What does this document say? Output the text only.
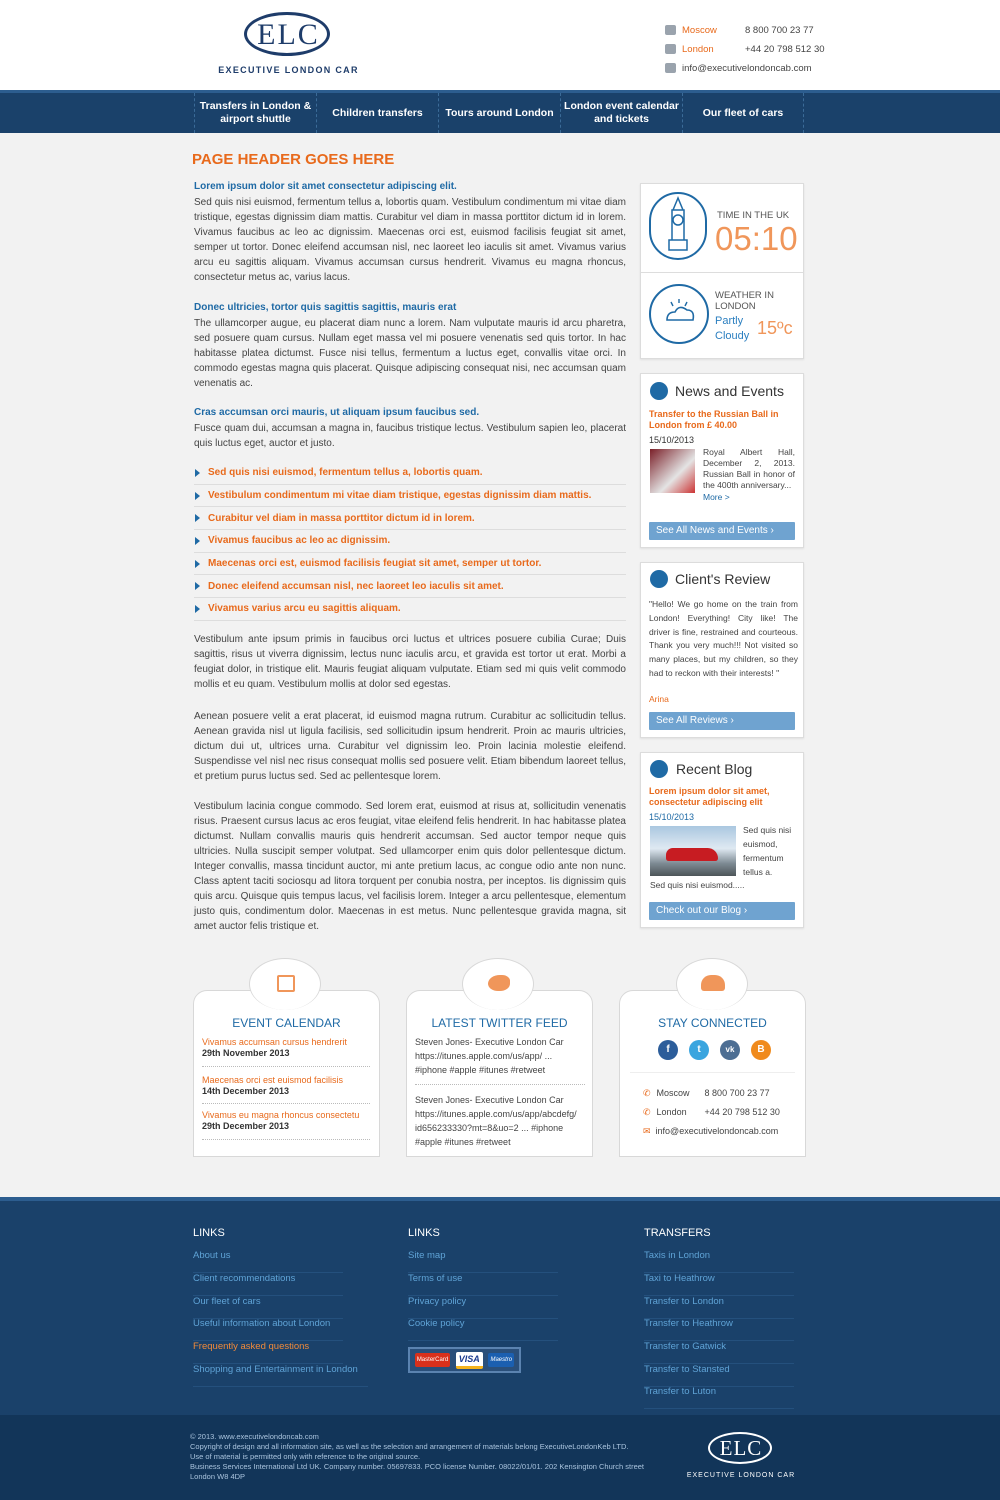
ELC
EXECUTIVE LONDON CAR
Moscow	8 800 700 23 77
London	+44 20 798 512 30
info@executivelondoncab.com
Transfers in London & airport shuttle
Children transfers	Tours around London
London event calendar and tickets
Our fleet of cars
PAGE HEADER GOES HERE
Lorem ipsum dolor sit amet consectetur adipiscing elit.
Sed quis nisi euismod, fermentum tellus a, lobortis quam. Vestibulum condimentum mi vitae diam tristique, egestas dignissim diam mattis. Curabitur vel diam in massa porttitor dictum id in lorem. Vivamus faucibus ac leo ac dignissim. Maecenas orci est, euismod facilisis feugiat sit amet, semper ut tortor. Donec eleifend accumsan nisl, nec laoreet leo iaculis sit amet. Vivamus varius arcu eu sagittis aliquam. Vivamus accumsan cursus hendrerit. Vivamus eu magna rhoncus, consectetur metus ac, varius lacus.
Donec ultricies, tortor quis sagittis sagittis, mauris erat
The ullamcorper augue, eu placerat diam nunc a lorem. Nam vulputate mauris id arcu pharetra, sed posuere quam cursus. Nullam eget massa vel mi posuere venenatis sed quis tortor. In hac habitasse platea dictumst. Fusce nisi tellus, fermentum a luctus eget, convallis vitae orci. In commodo egestas magna quis placerat. Quisque adipiscing consequat nisi, nec accumsan quam venenatis ac.
Cras accumsan orci mauris, ut aliquam ipsum faucibus sed.
Fusce quam dui, accumsan a magna in, faucibus tristique lectus. Vestibulum sapien leo, placerat quis luctus eget, auctor et justo.
Sed quis nisi euismod, fermentum tellus a, lobortis quam.
Vestibulum condimentum mi vitae diam tristique, egestas dignissim diam mattis.
Curabitur vel diam in massa porttitor dictum id in lorem.
Vivamus faucibus ac leo ac dignissim.
Maecenas orci est, euismod facilisis feugiat sit amet, semper ut tortor.
Donec eleifend accumsan nisl, nec laoreet leo iaculis sit amet.
Vivamus varius arcu eu sagittis aliquam.
Vestibulum ante ipsum primis in faucibus orci luctus et ultrices posuere cubilia Curae; Duis sagittis, risus ut viverra dignissim, lectus nunc iaculis arcu, et gravida est tortor ut erat. Morbi a feugiat dolor, in tristique elit. Mauris feugiat aliquam vulputate. Etiam sed mi quis velit commodo mollis et eu quam. Vestibulum mollis at dolor sed egestas.
Aenean posuere velit a erat placerat, id euismod magna rutrum. Curabitur ac sollicitudin tellus. Aenean gravida nisl ut ligula facilisis, sed sollicitudin ipsum hendrerit. Proin ac mauris ultricies, dictum dui ut, ultrices urna. Curabitur vel dignissim leo. Proin lacinia molestie eleifend. Suspendisse vel nisl nec risus consequat mollis sed posuere velit. Etiam bibendum laoreet tellus, et pretium purus luctus sed. Sed ac pellentesque lorem.
Vestibulum lacinia congue commodo. Sed lorem erat, euismod at risus at, sollicitudin venenatis risus. Praesent cursus lacus ac eros feugiat, vitae eleifend felis hendrerit. In hac habitasse platea dictumst. Nullam convallis mauris quis hendrerit accumsan. Sed auctor tempor neque quis ultricies. Nulla suscipit semper volutpat. Sed ullamcorper enim quis dolor pellentesque dictum. Integer convallis, massa tincidunt auctor, mi ante pretium lacus, ac congue odio ante non nunc. Class aptent taciti sociosqu ad litora torquent per conubia nostra, per inceptos. Iis dignissim quis quis arcu. Quisque quis tempus lacus, vel facilisis lorem. Integer a arcu pellentesque, elementum justo quis, condimentum dolor. Maecenas in est metus. Nunc pellentesque gravida magna, sit amet auctor felis tristique et.
TIME IN THE UK
05:10
WEATHER IN LONDON
Partly Cloudy 15ºc
News and Events
Transfer to the Russian Ball in London from £ 40.00
15/10/2013
Royal Albert Hall, December 2, 2013. Russian Ball in honor of the 400th anniversary...
More >
See All News and Events ›
Client's Review
"Hello! We go home on the train from London! Everything! City like! The driver is fine, restrained and courteous. Thank you very much!!! Not visited so many places, but my children, so they had to reckon with their interests! "
Arina
See All Reviews ›
Recent Blog
Lorem ipsum dolor sit amet, consectetur adipiscing elit
15/10/2013
Sed quis nisi euismod, fermentum tellus a.
Sed quis nisi euismod.....
Check out our Blog ›
EVENT CALENDAR
Vivamus accumsan cursus hendrerit
29th November 2013
Maecenas orci est euismod facilisis
14th December 2013
Vivamus eu magna rhoncus consectetu
29th December 2013
LATEST TWITTER FEED
Steven Jones- Executive London Car https://itunes.apple.com/us/app/ ... #iphone #apple #itunes #retweet
Steven Jones- Executive London Car https://itunes.apple.com/us/app/abcdefg/ id656233330?mt=8&uo=2 ... #iphone #apple #itunes #retweet
STAY CONNECTED
f	t	vk	B
✆ Moscow	8 800 700 23 77
✆ London	+44 20 798 512 30
✉ info@executivelondoncab.com
LINKS
About us
Client recommendations
Our fleet of cars
Useful information about London
Frequently asked questions
Shopping and Entertainment in London
LINKS
Site map
Terms of use
Privacy policy
Cookie policy
MasterCard	VISA	Maestro
TRANSFERS
Taxis in London
Taxi to Heathrow
Transfer to London
Transfer to Heathrow
Transfer to Gatwick
Transfer to Stansted
Transfer to Luton
© 2013. www.executivelondoncab.com
Copyright of design and all information site, as well as the selection and arrangement of materials belong ExecutiveLondonKeb LTD.
Use of material is permitted only with reference to the original source.
Business Services International Ltd UK. Company number. 05697833. PCO license Number. 08022/01/01. 202 Kensington Church street
London W8 4DP
ELC
EXECUTIVE LONDON CAR
